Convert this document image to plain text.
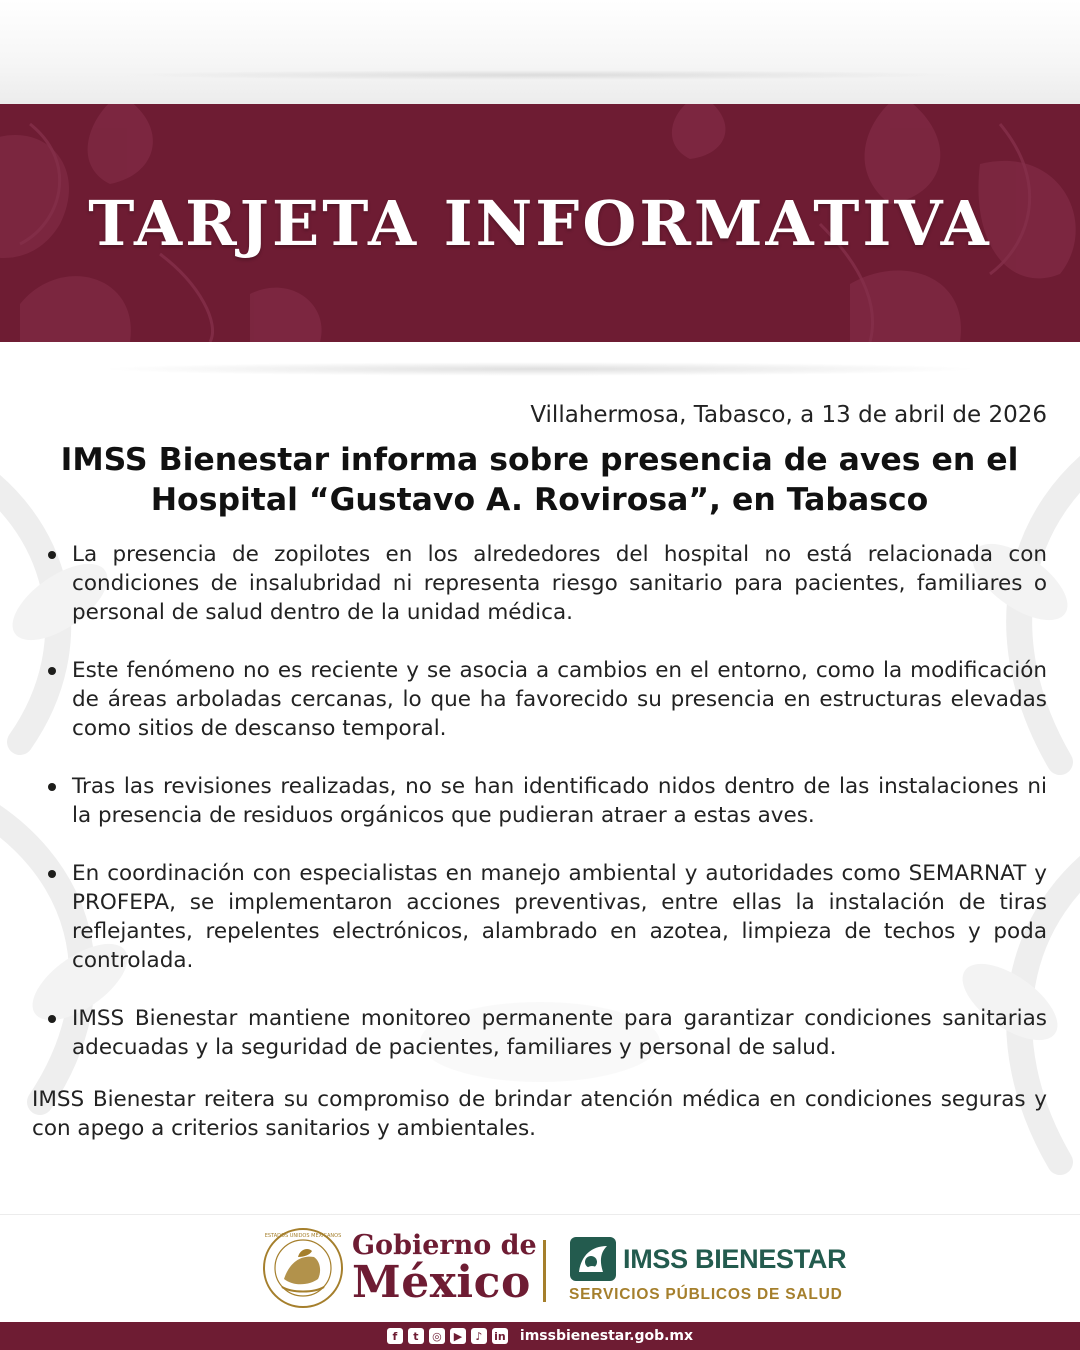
TARJETA INFORMATIVA
Villahermosa, Tabasco, a 13 de abril de 2026
IMSS Bienestar informa sobre presencia de aves en el
Hospital “Gustavo A. Rovirosa”, en Tabasco
La presencia de zopilotes en los alrededores del hospital no está relacionada con condiciones de insalubridad ni representa riesgo sanitario para pacientes, familiares o personal de salud dentro de la unidad médica.
Este fenómeno no es reciente y se asocia a cambios en el entorno, como la modificación de áreas arboladas cercanas, lo que ha favorecido su presencia en estructuras elevadas como sitios de descanso temporal.
Tras las revisiones realizadas, no se han identificado nidos dentro de las instalaciones ni la presencia de residuos orgánicos que pudieran atraer a estas aves.
En coordinación con especialistas en manejo ambiental y autoridades como SEMARNAT y PROFEPA, se implementaron acciones preventivas, entre ellas la instalación de tiras reflejantes, repelentes electrónicos, alambrado en azotea, limpieza de techos y poda controlada.
IMSS Bienestar mantiene monitoreo permanente para garantizar condiciones sanitarias adecuadas y la seguridad de pacientes, familiares y personal de salud.
IMSS Bienestar reitera su compromiso de brindar atención médica en condiciones seguras y con apego a criterios sanitarios y ambientales.
ESTADOS UNIDOS MEXICANOS Gobierno de
México	IMSS BIENESTAR
SERVICIOS PÚBLICOS DE SALUD
f	t	◎	▶	♪	in imssbienestar.gob.mx
